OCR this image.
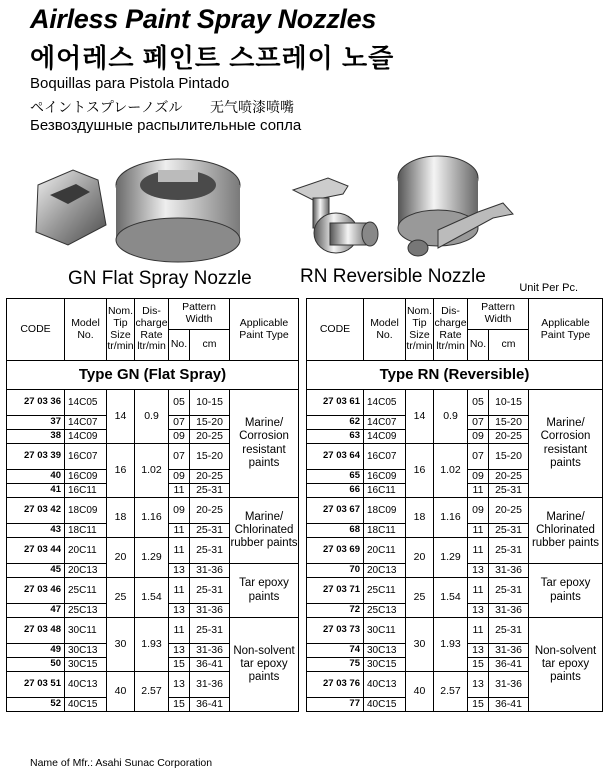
Airless Paint Spray Nozzles
에어레스 페인트 스프레이 노즐
Boquillas para Pistola Pintado
ペイントスプレーノズル 无气喷漆喷嘴
Безвоздушные распылительные сопла
GN Flat Spray Nozzle	RN Reversible Nozzle
Unit Per Pc.
CODE	Model No.	Nom. Tip Size tr/min	Dis- charge Rate ltr/min	Pattern Width		Applicable Paint Type
				No.	cm	
Type GN (Flat Spray)						
27 03 36	14C05	14	0.9	05	10-15	Marine/ Corrosion resistant paints
37	14C07			07	15-20	
38	14C09			09	20-25	
27 03 39	16C07	16	1.02	07	15-20	
40	16C09			09	20-25	
41	16C11			11	25-31	
27 03 42	18C09	18	1.16	09	20-25	Marine/ Chlorinated rubber paints
43	18C11			11	25-31	
27 03 44	20C11	20	1.29	11	25-31	
45	20C13			13	31-36	Tar epoxy paints
27 03 46	25C11	25	1.54	11	25-31	
47	25C13			13	31-36	
27 03 48	30C11	30	1.93	11	25-31	Non-solvent tar epoxy paints
49	30C13			13	31-36	
50	30C15			15	36-41	
27 03 51	40C13	40	2.57	13	31-36	
52	40C15			15	36-41	
CODE	Model No.	Nom. Tip Size tr/min	Dis- charge Rate ltr/min	Pattern Width		Applicable Paint Type
				No.	cm	
Type RN (Reversible)						
27 03 61	14C05	14	0.9	05	10-15	Marine/ Corrosion resistant paints
62	14C07			07	15-20	
63	14C09			09	20-25	
27 03 64	16C07	16	1.02	07	15-20	
65	16C09			09	20-25	
66	16C11			11	25-31	
27 03 67	18C09	18	1.16	09	20-25	Marine/ Chlorinated rubber paints
68	18C11			11	25-31	
27 03 69	20C11	20	1.29	11	25-31	
70	20C13			13	31-36	Tar epoxy paints
27 03 71	25C11	25	1.54	11	25-31	
72	25C13			13	31-36	
27 03 73	30C11	30	1.93	11	25-31	Non-solvent tar epoxy paints
74	30C13			13	31-36	
75	30C15			15	36-41	
27 03 76	40C13	40	2.57	13	31-36	
77	40C15			15	36-41	
Name of Mfr.: Asahi Sunac Corporation
